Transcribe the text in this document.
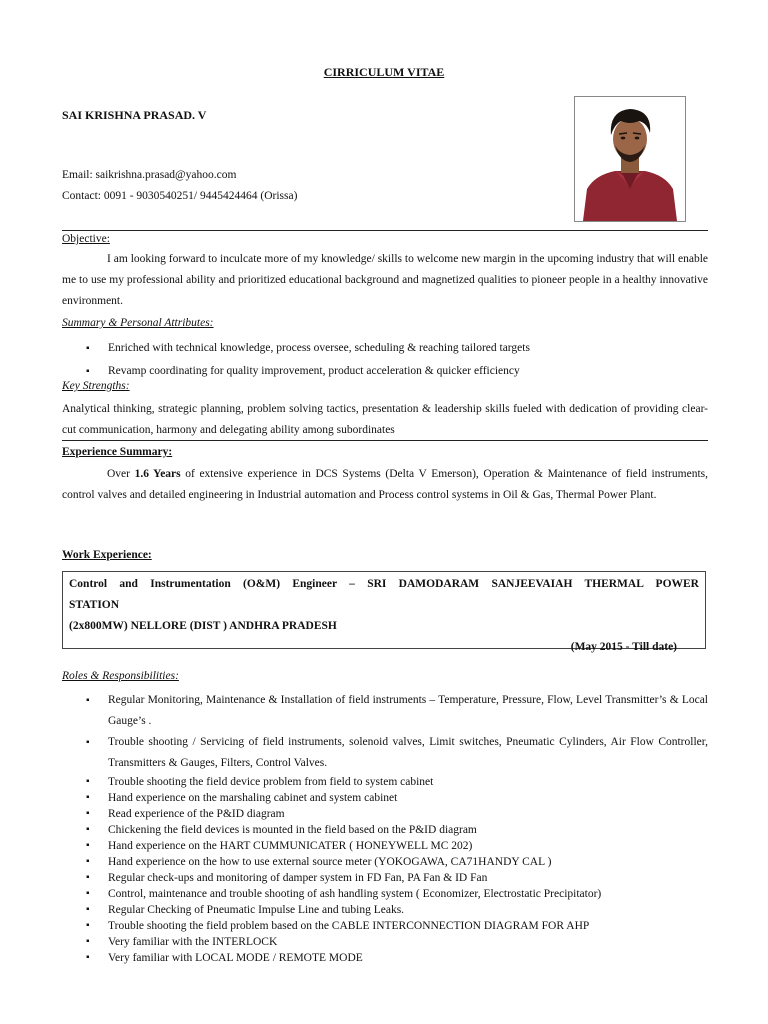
CIRRICULUM VITAE
SAI KRISHNA PRASAD. V
Email: saikrishna.prasad@yahoo.com
Contact: 0091 - 9030540251/ 9445424464 (Orissa)
Objective:
I am looking forward to inculcate more of my knowledge/ skills to welcome new margin in the upcoming industry that will enable me to use my professional ability and prioritized educational background and magnetized qualities to pioneer people in a healthy innovative environment.
Summary & Personal Attributes:
▪ Enriched with technical knowledge, process oversee, scheduling & reaching tailored targets
▪ Revamp coordinating for quality improvement, product acceleration & quicker efficiency
Key Strengths:
Analytical thinking, strategic planning, problem solving tactics, presentation & leadership skills fueled with dedication of providing clear-cut communication, harmony and delegating ability among subordinates
Experience Summary:
Over 1.6 Years of extensive experience in DCS Systems (Delta V Emerson), Operation & Maintenance of field instruments, control valves and detailed engineering in Industrial automation and Process control systems in Oil & Gas, Thermal Power Plant.
Work Experience:
Control and Instrumentation (O&M) Engineer – SRI DAMODARAM SANJEEVAIAH THERMAL POWER
STATION
(2x800MW) NELLORE (DIST ) ANDHRA PRADESH
(May 2015 - Till date)
Roles & Responsibilities:
▪ Regular Monitoring, Maintenance & Installation of field instruments – Temperature, Pressure, Flow, Level Transmitter’s & Local Gauge’s .
▪ Trouble shooting / Servicing of field instruments, solenoid valves, Limit switches, Pneumatic Cylinders, Air Flow Controller, Transmitters & Gauges, Filters, Control Valves.
▪ Trouble shooting the field device problem from field to system cabinet
▪ Hand experience on the marshaling cabinet and system cabinet
▪ Read experience of the P&ID diagram
▪ Chickening the field devices is mounted in the field based on the P&ID diagram
▪ Hand experience on the HART CUMMUNICATER ( HONEYWELL MC 202)
▪ Hand experience on the how to use external source meter (YOKOGAWA, CA71HANDY CAL )
▪ Regular check-ups and monitoring of damper system in FD Fan, PA Fan & ID Fan
▪ Control, maintenance and trouble shooting of ash handling system ( Economizer, Electrostatic Precipitator)
▪ Regular Checking of Pneumatic Impulse Line and tubing Leaks.
▪ Trouble shooting the field problem based on the CABLE INTERCONNECTION DIAGRAM FOR AHP
▪ Very familiar with the INTERLOCK
▪ Very familiar with LOCAL MODE / REMOTE MODE
